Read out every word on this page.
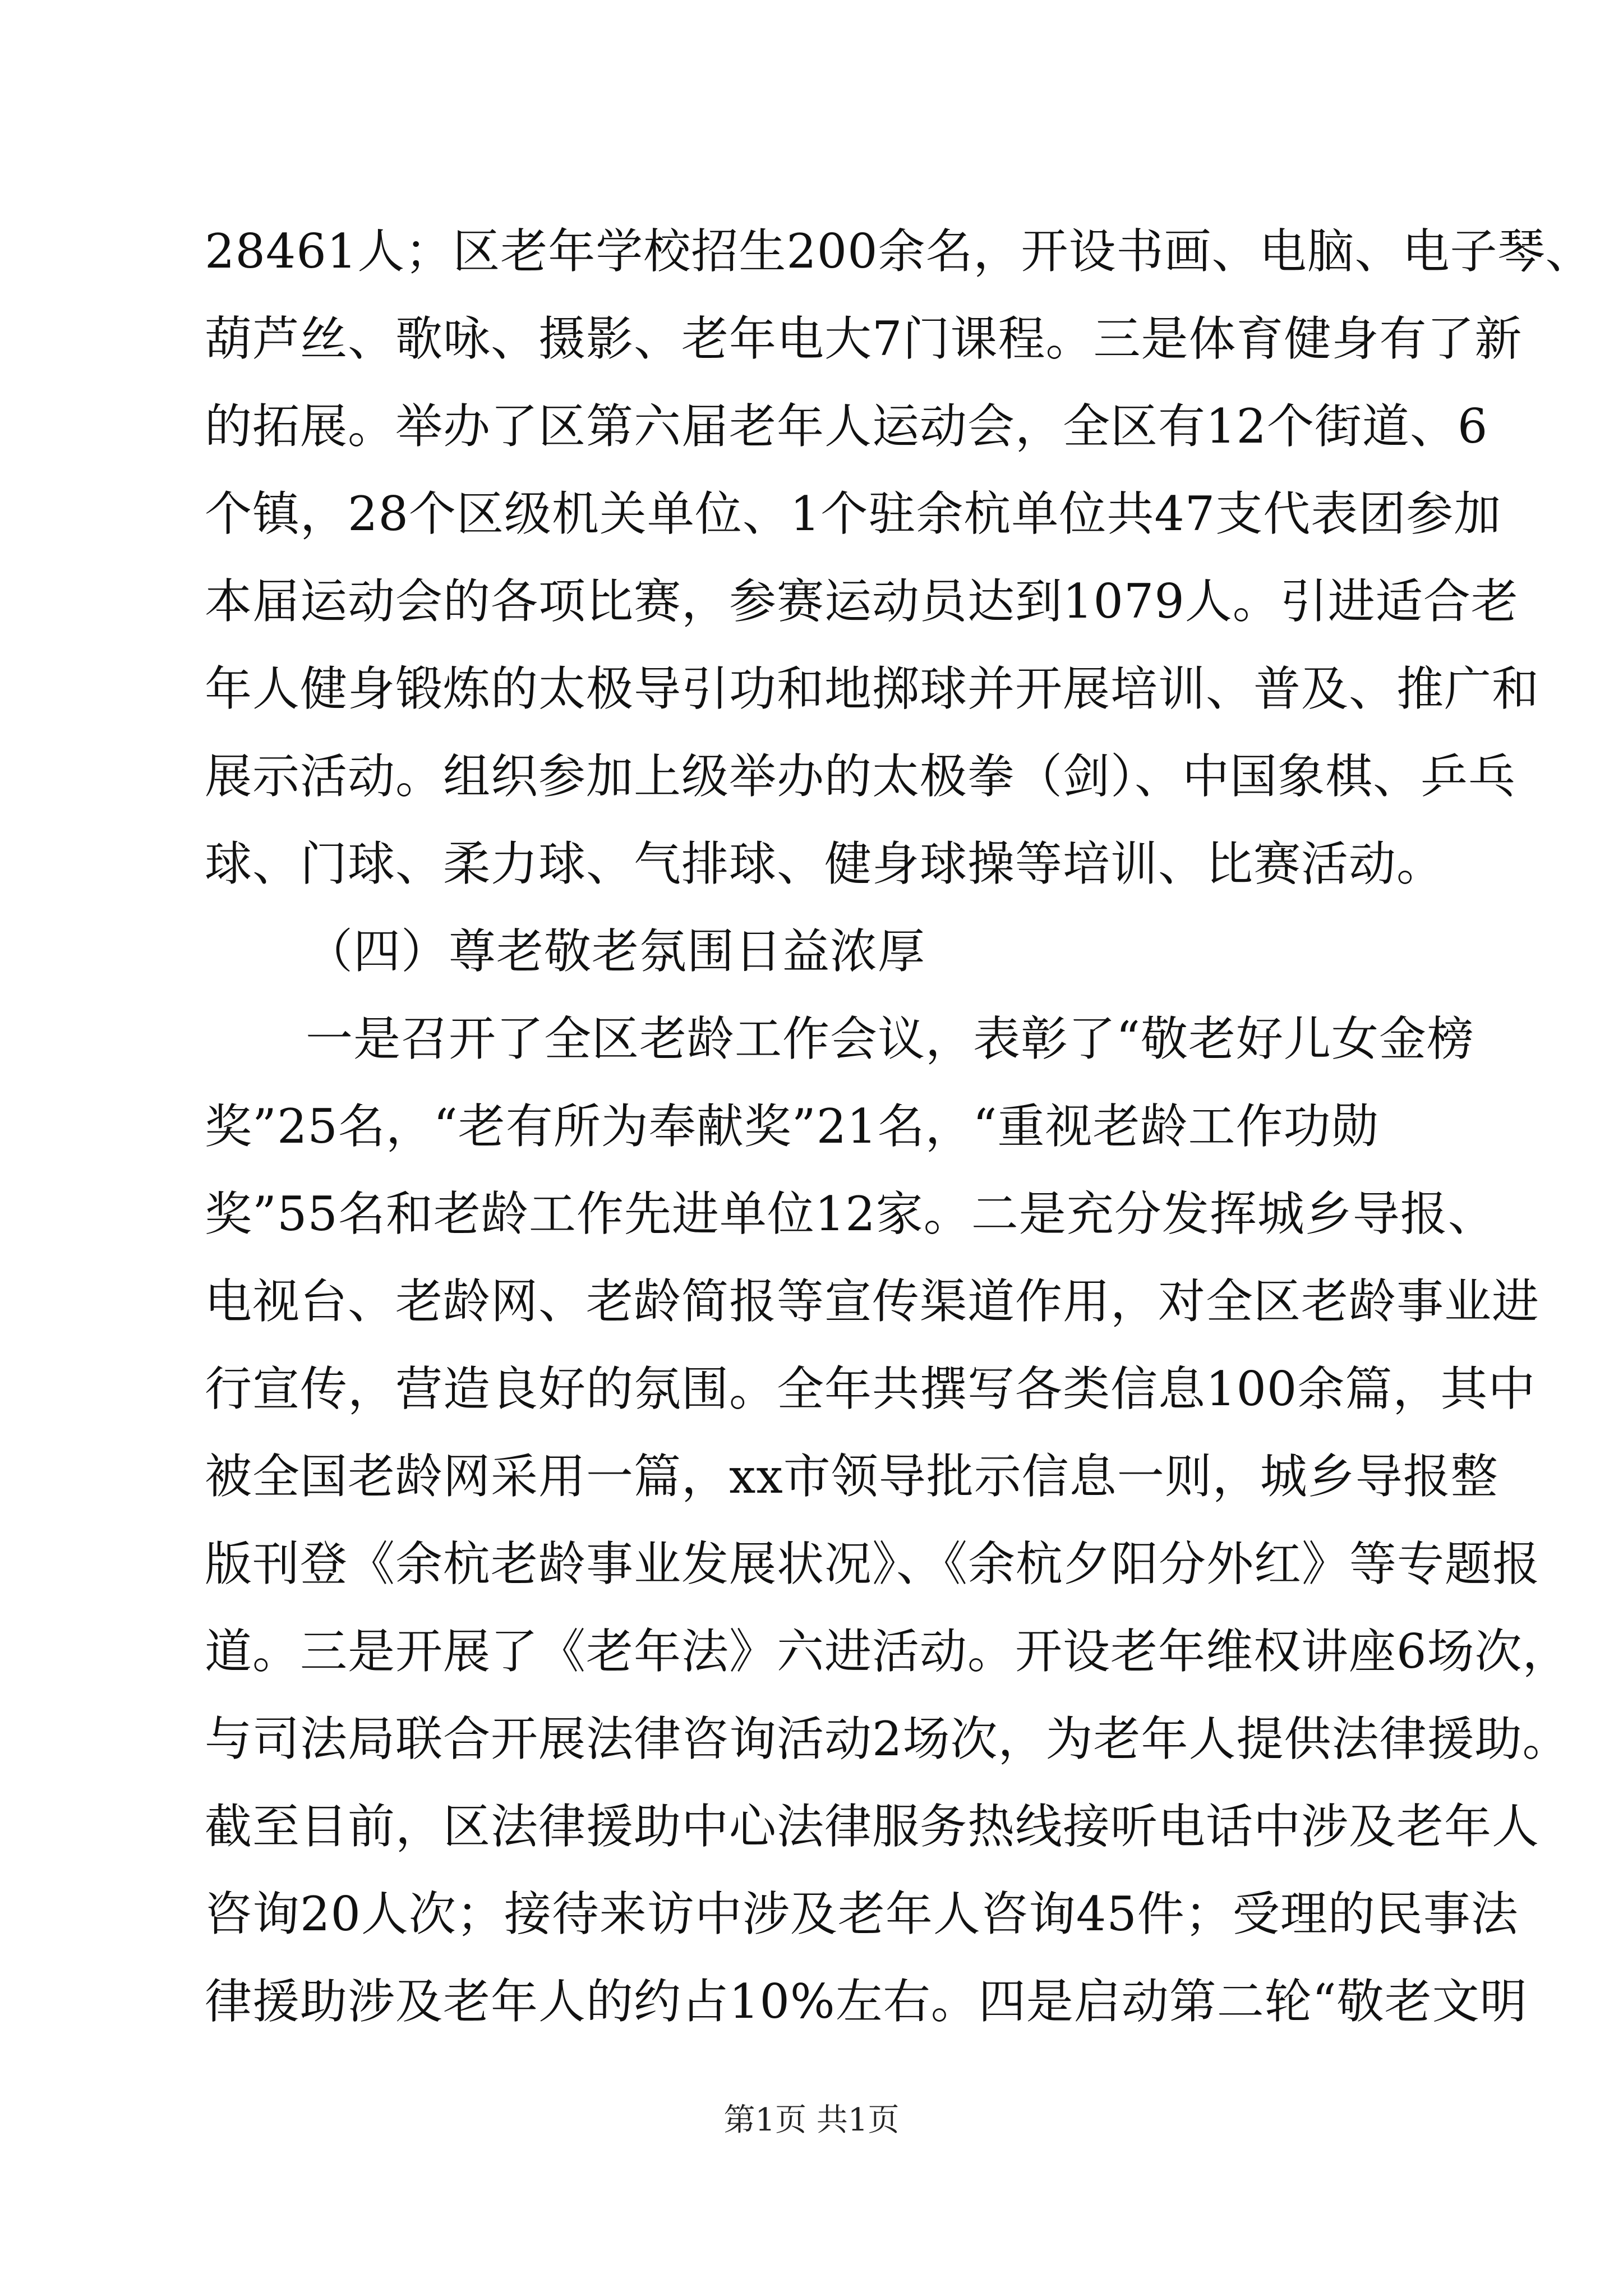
28461人；区老年学校招生200余名，开设书画、电脑、电子琴、
葫芦丝、歌咏、摄影、老年电大7门课程。三是体育健身有了新
的拓展。举办了区第六届老年人运动会，全区有12个街道、6
个镇，28个区级机关单位、1个驻余杭单位共47支代表团参加
本届运动会的各项比赛，参赛运动员达到1079人。引进适合老
年人健身锻炼的太极导引功和地掷球并开展培训、普及、推广和
展示活动。组织参加上级举办的太极拳（剑）、中国象棋、乒乓
球、门球、柔力球、气排球、健身球操等培训、比赛活动。
（四）尊老敬老氛围日益浓厚
一是召开了全区老龄工作会议，表彰了“敬老好儿女金榜
奖”25名，“老有所为奉献奖”21名，“重视老龄工作功勋
奖”55名和老龄工作先进单位12家。二是充分发挥城乡导报、
电视台、老龄网、老龄简报等宣传渠道作用，对全区老龄事业进
行宣传，营造良好的氛围。全年共撰写各类信息100余篇，其中
被全国老龄网采用一篇，xx市领导批示信息一则，城乡导报整
版刊登《余杭老龄事业发展状况》、《余杭夕阳分外红》等专题报
道。三是开展了《老年法》六进活动。开设老年维权讲座6场次，
与司法局联合开展法律咨询活动2场次，为老年人提供法律援助。
截至目前，区法律援助中心法律服务热线接听电话中涉及老年人
咨询20人次；接待来访中涉及老年人咨询45件；受理的民事法
律援助涉及老年人的约占10%左右。四是启动第二轮“敬老文明
第1页 共1页
